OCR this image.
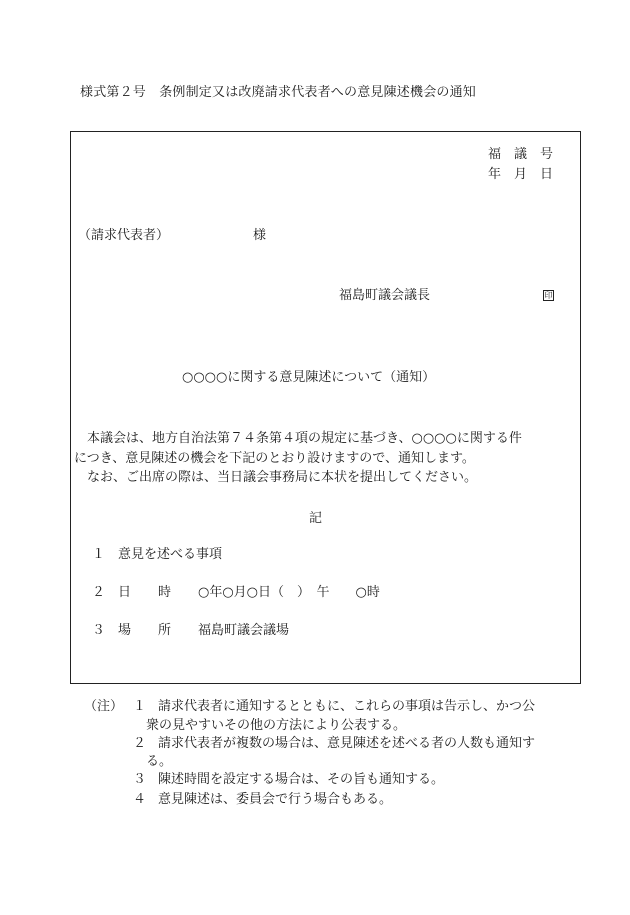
様式第２号　条例制定又は改廃請求代表者への意見陳述機会の通知
福　議　号
年　月　日
（請求代表者）	様
福島町議会議長	印
○○○○に関する意見陳述について（通知）
本議会は、地方自治法第７４条第４項の規定に基づき、○○○○に関する件
につき、意見陳述の機会を下記のとおり設けますので、通知します。
なお、ご出席の際は、当日議会事務局に本状を提出してください。
記
１ 意見を述べる事項
２ 日 時 ○年○月○日（　）　午　　○時
３ 場 所 福島町議会議場
（注） １ 請求代表者に通知するとともに、これらの事項は告示し、かつ公
衆の見やすいその他の方法により公表する。
２ 請求代表者が複数の場合は、意見陳述を述べる者の人数も通知す
る。
３ 陳述時間を設定する場合は、その旨も通知する。
４ 意見陳述は、委員会で行う場合もある。
